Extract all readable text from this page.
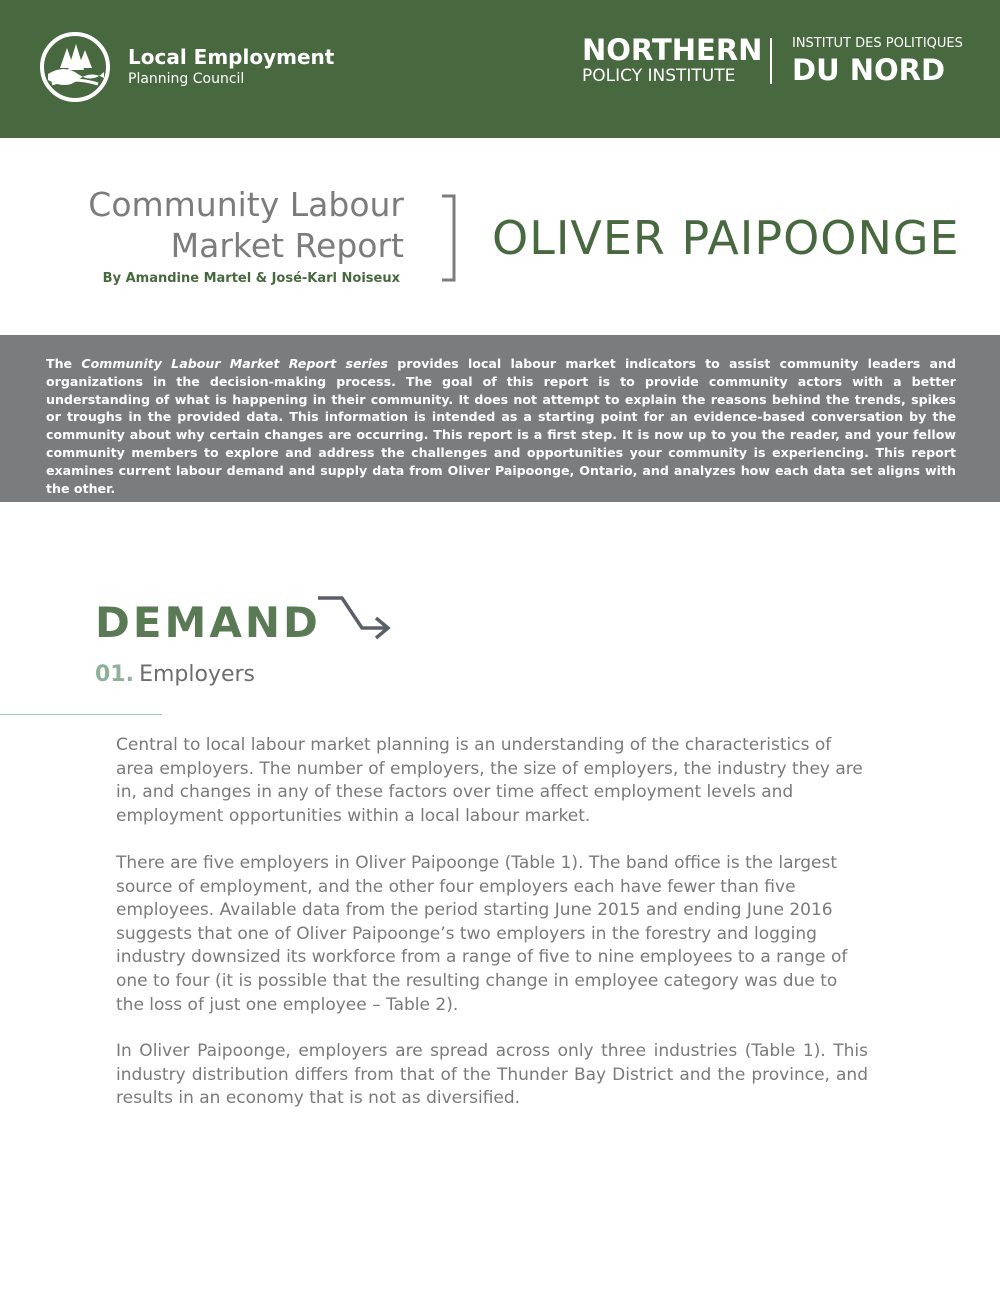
Local Employment
Planning Council
NORTHERN
POLICY INSTITUTE
INSTITUT DES POLITIQUES
DU NORD
Community Labour
Market Report
By Amandine Martel & José-Karl Noiseux
OLIVER PAIPOONGE
The Community Labour Market Report series provides local labour market indicators to assist community leaders and organizations in the decision-making process. The goal of this report is to provide community actors with a better understanding of what is happening in their community. It does not attempt to explain the reasons behind the trends, spikes or troughs in the provided data. This information is intended as a starting point for an evidence-based conversation by the community about why certain changes are occurring. This report is a first step. It is now up to you the reader, and your fellow community members to explore and address the challenges and opportunities your community is experiencing. This report examines current labour demand and supply data from Oliver Paipoonge, Ontario, and analyzes how each data set aligns with the other.
DEMAND
01. Employers
Central to local labour market planning is an understanding of the characteristics of area employers. The number of employers, the size of employers, the industry they are in, and changes in any of these factors over time affect employment levels and employment opportunities within a local labour market.
There are five employers in Oliver Paipoonge (Table 1). The band office is the largest source of employment, and the other four employers each have fewer than five employees. Available data from the period starting June 2015 and ending June 2016 suggests that one of Oliver Paipoonge’s two employers in the forestry and logging industry downsized its workforce from a range of five to nine employees to a range of one to four (it is possible that the resulting change in employee category was due to the loss of just one employee – Table 2).
In Oliver Paipoonge, employers are spread across only three industries (Table 1). This industry distribution differs from that of the Thunder Bay District and the province, and results in an economy that is not as diversified.
